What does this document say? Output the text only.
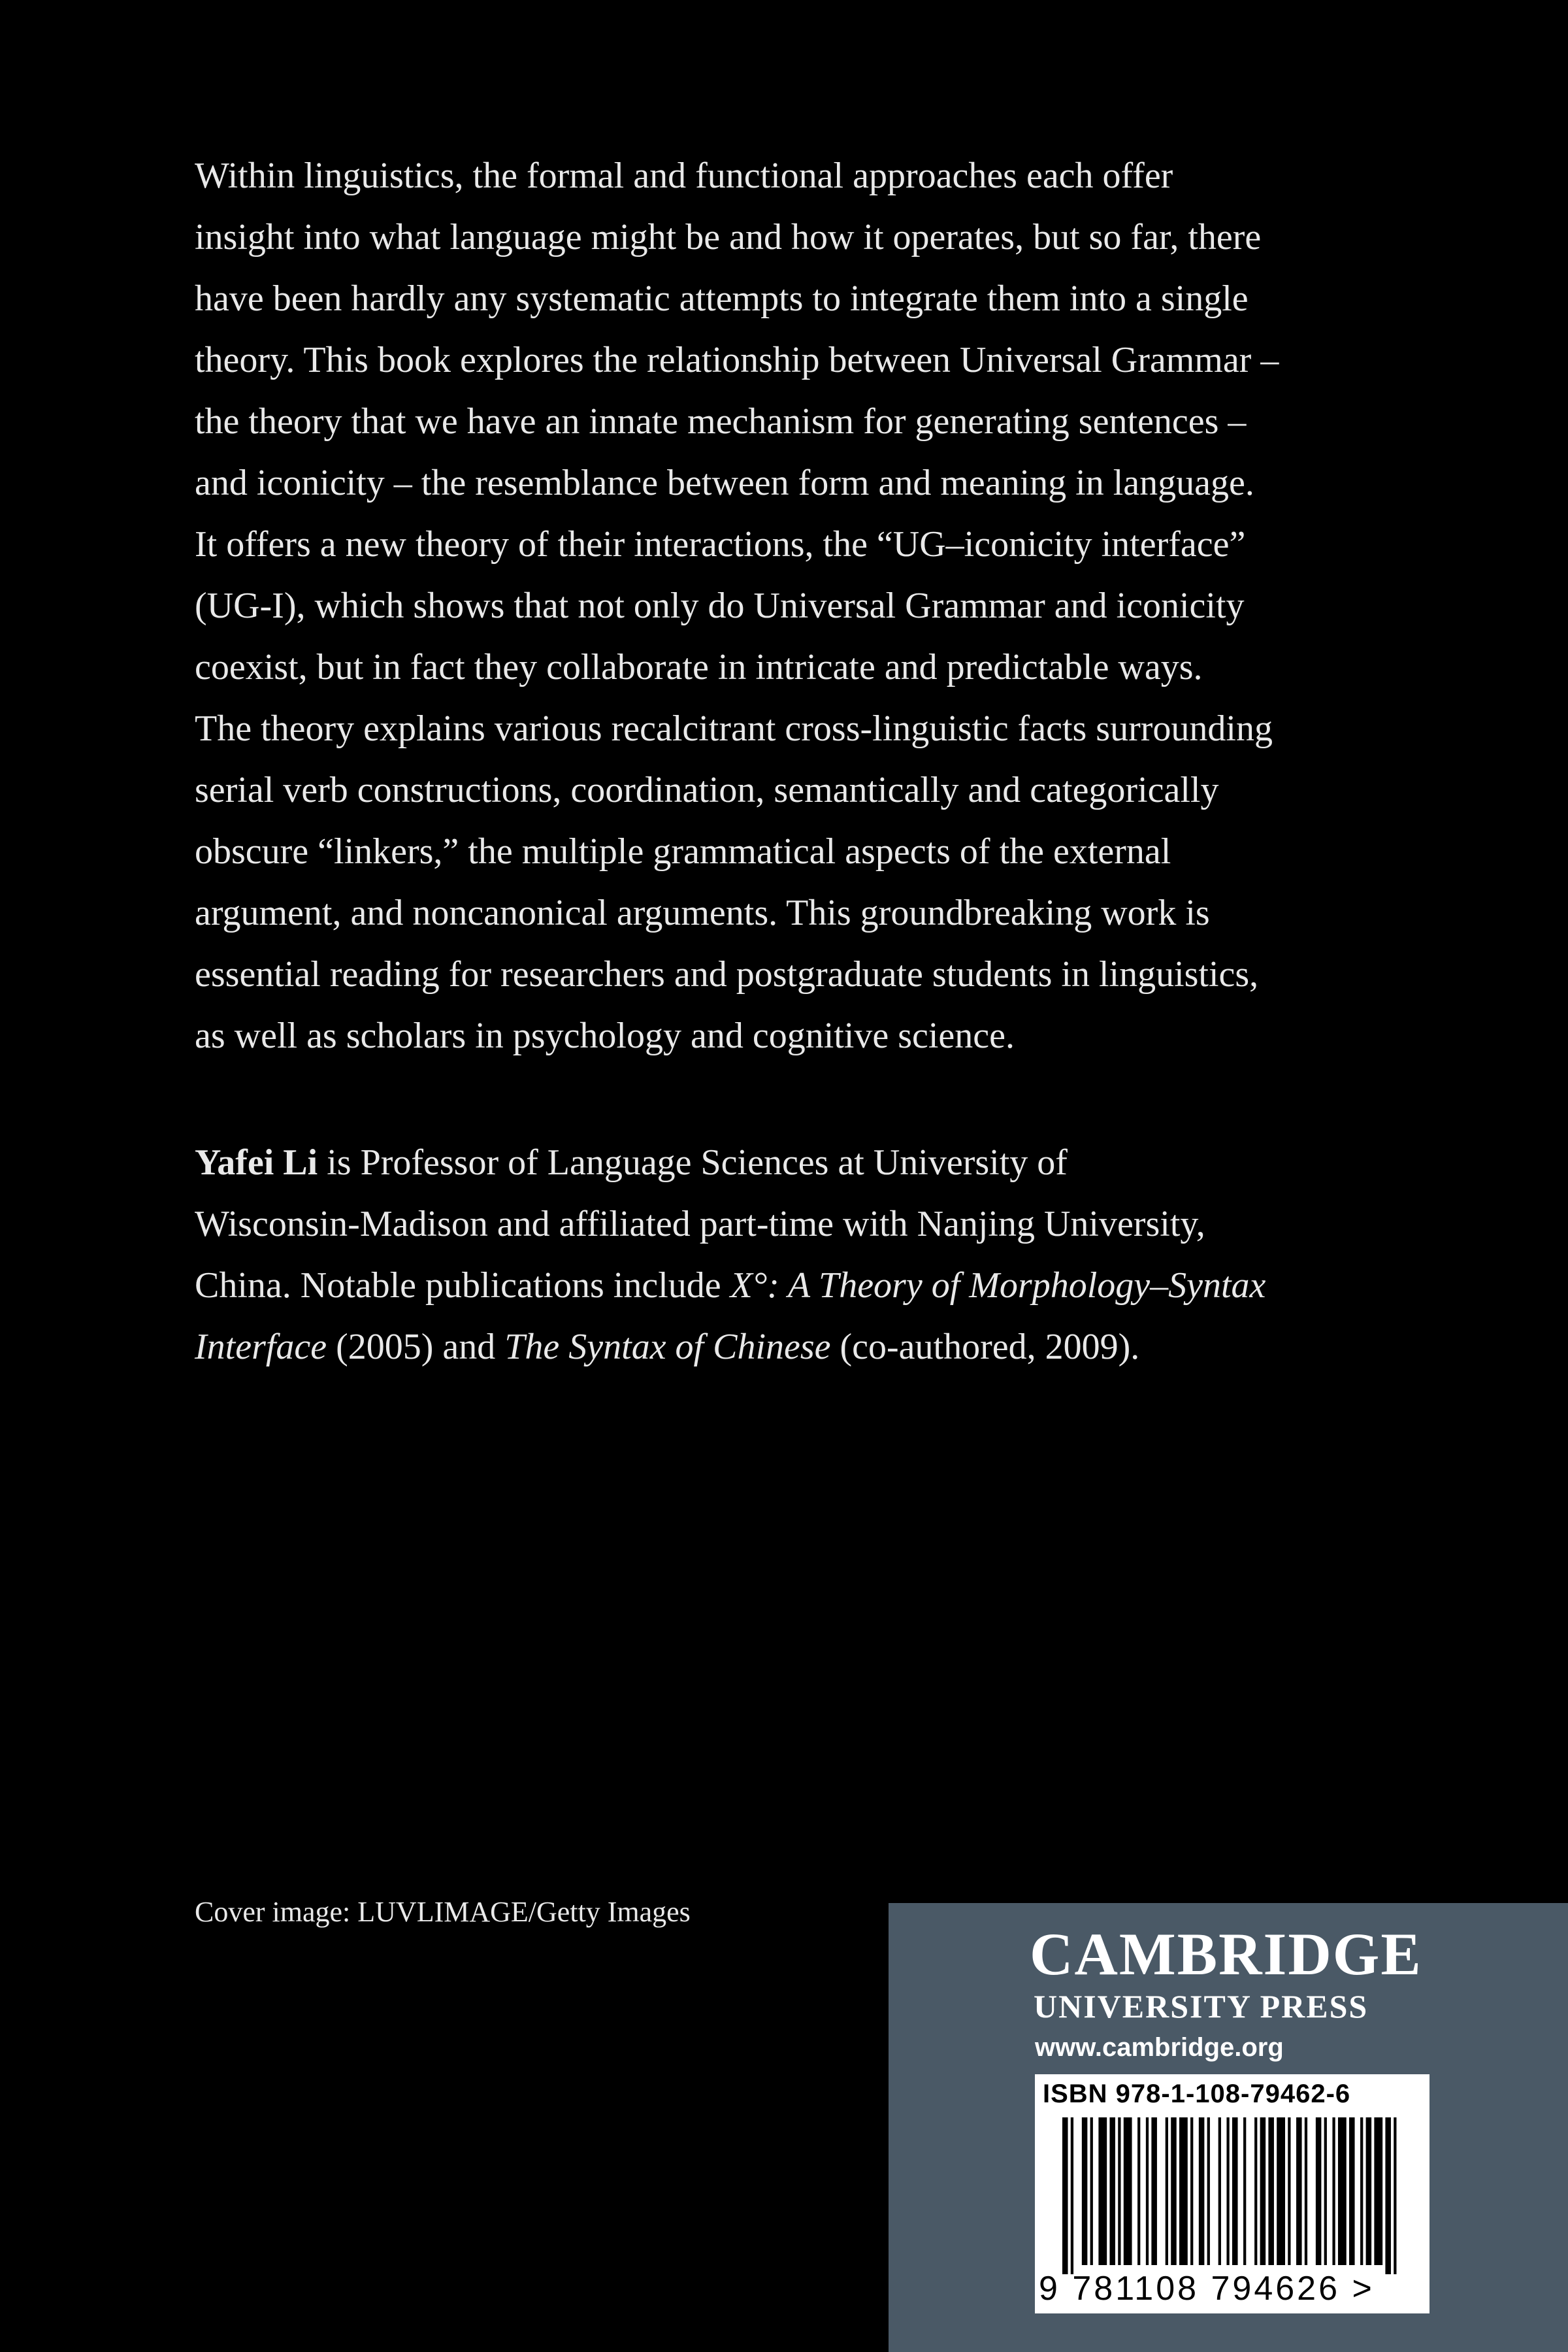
Within linguistics, the formal and functional approaches each offer
insight into what language might be and how it operates, but so far, there
have been hardly any systematic attempts to integrate them into a single
theory. This book explores the relationship between Universal Grammar –
the theory that we have an innate mechanism for generating sentences –
and iconicity – the resemblance between form and meaning in language.
It offers a new theory of their interactions, the “UG–iconicity interface”
(UG-I), which shows that not only do Universal Grammar and iconicity
coexist, but in fact they collaborate in intricate and predictable ways.
The theory explains various recalcitrant cross-linguistic facts surrounding
serial verb constructions, coordination, semantically and categorically
obscure “linkers,” the multiple grammatical aspects of the external
argument, and noncanonical arguments. This groundbreaking work is
essential reading for researchers and postgraduate students in linguistics,
as well as scholars in psychology and cognitive science.
Yafei Li is Professor of Language Sciences at University of
Wisconsin-Madison and affiliated part-time with Nanjing University,
China. Notable publications include X°: A Theory of Morphology–Syntax
Interface (2005) and The Syntax of Chinese (co-authored, 2009).
Cover image: LUVLIMAGE/Getty Images
CAMBRIDGE
UNIVERSITY PRESS
www.cambridge.org
ISBN 978-1-108-79462-6
9 781108 794626 >
